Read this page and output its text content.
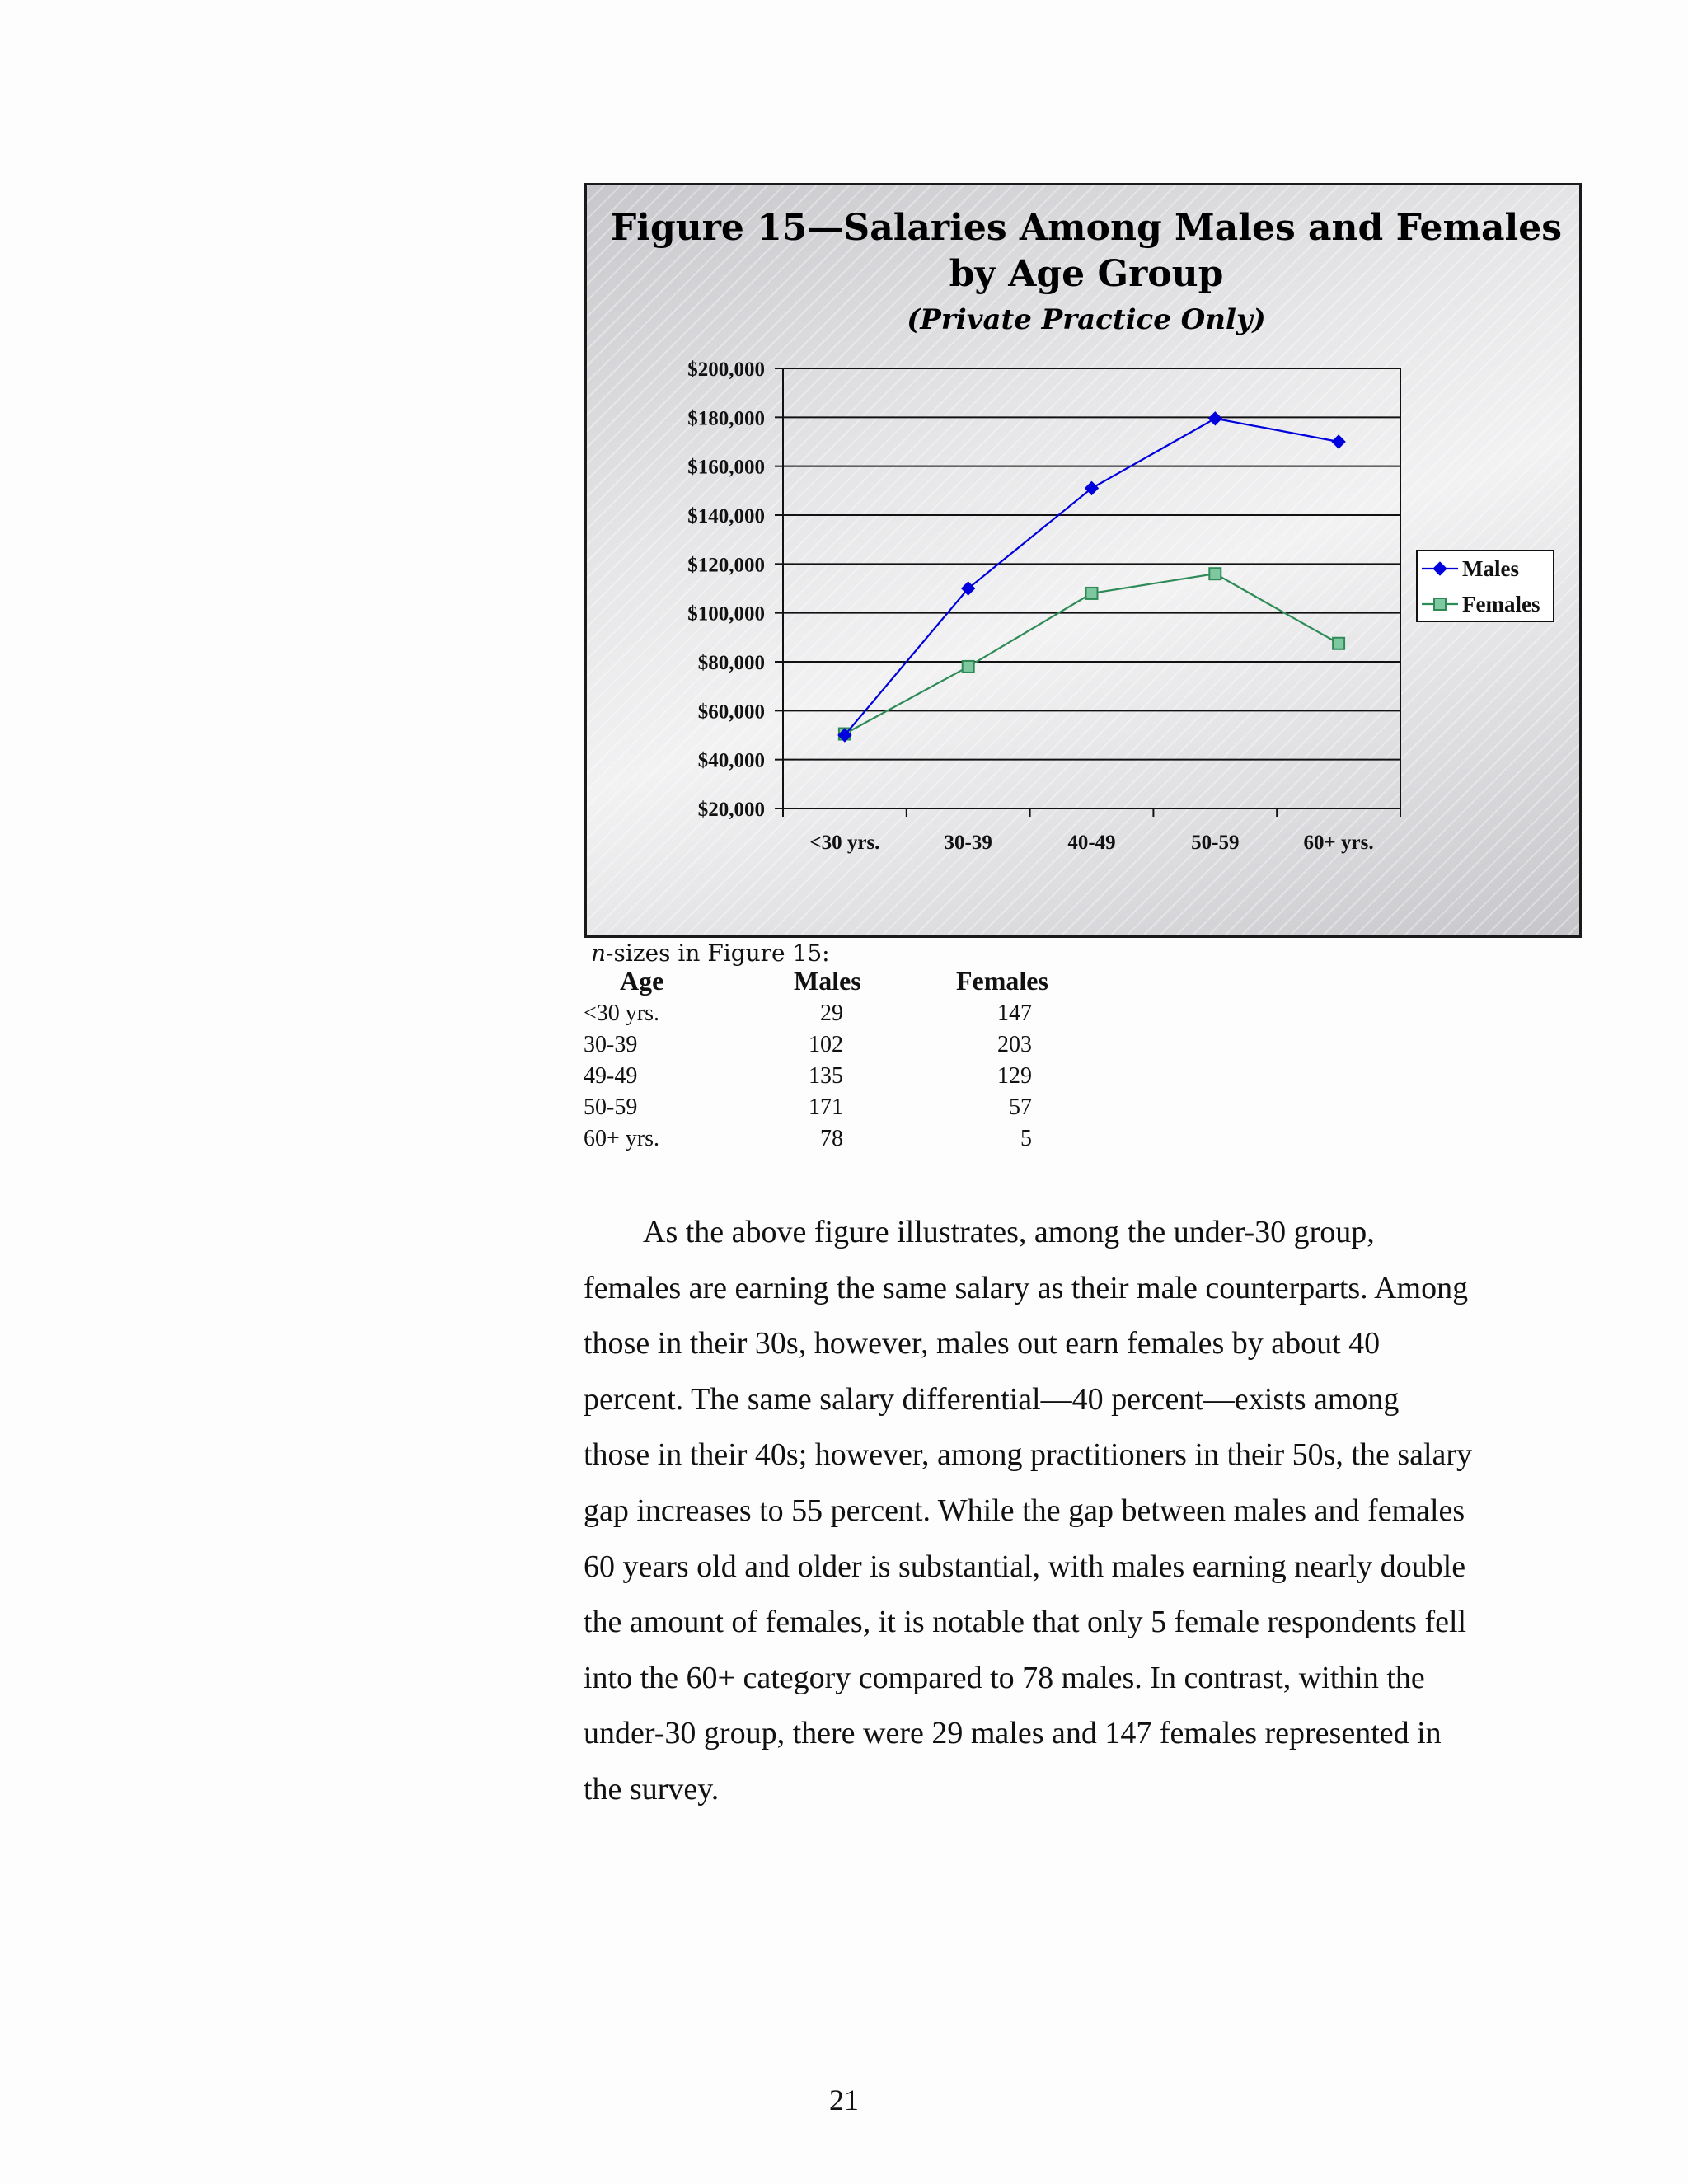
Figure 15—Salaries Among Males and Females
by Age Group
(Private Practice Only)
$20,000
$40,000
$60,000
$80,000
$100,000
$120,000
$140,000
$160,000
$180,000
$200,000
<30 yrs.	30-39	40-49	50-59	60+ yrs.
Males
Females
n-sizes in Figure 15:
Age	Males	Females
<30 yrs.	29	147
30-39	102	203
49-49	135	129
50-59	171	57
60+ yrs.	78	5
As the above figure illustrates, among the under-30 group,
females are earning the same salary as their male counterparts. Among
those in their 30s, however, males out earn females by about 40
percent. The same salary differential—40 percent—exists among
those in their 40s; however, among practitioners in their 50s, the salary
gap increases to 55 percent. While the gap between males and females
60 years old and older is substantial, with males earning nearly double
the amount of females, it is notable that only 5 female respondents fell
into the 60+ category compared to 78 males. In contrast, within the
under-30 group, there were 29 males and 147 females represented in
the survey.
21
